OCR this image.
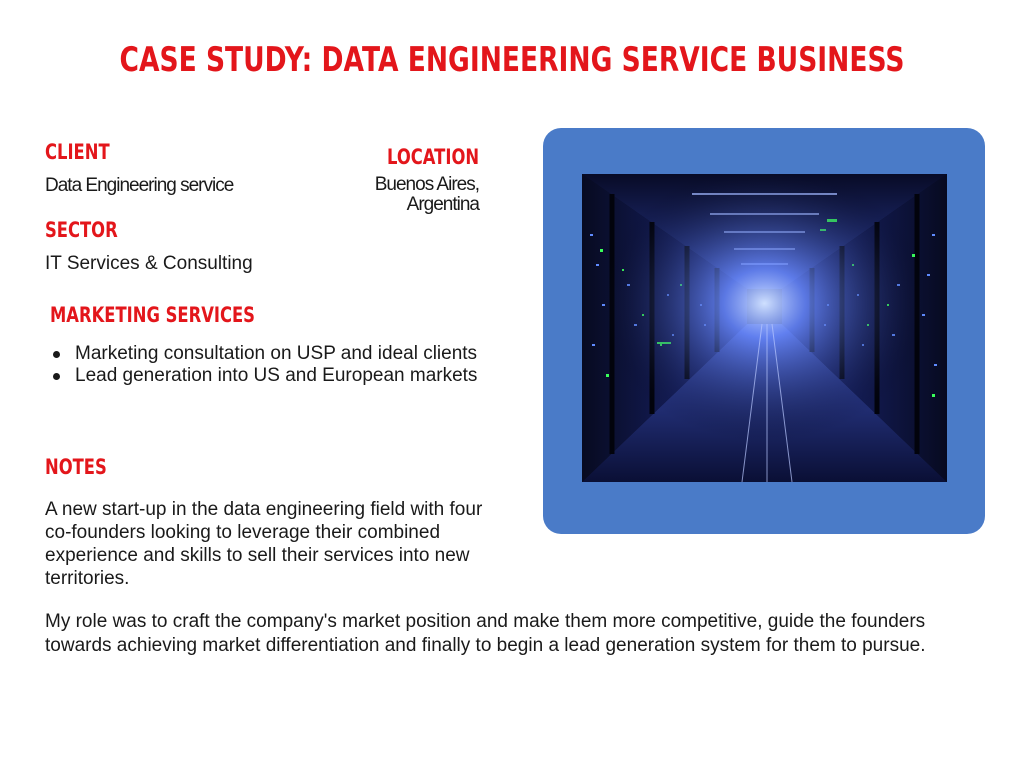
CASE STUDY: DATA ENGINEERING SERVICE BUSINESS
CLIENT
Data Engineering service
LOCATION
Buenos Aires,
Argentina
SECTOR
IT Services & Consulting
MARKETING SERVICES
Marketing consultation on USP and ideal clients
Lead generation into US and European markets
NOTES
A new start-up in the data engineering field with four co-founders looking to leverage their combined experience and skills to sell their services into new territories.
My role was to craft the company's market position and make them more competitive, guide the founders towards achieving market differentiation and finally to begin a lead generation system for them to pursue.
